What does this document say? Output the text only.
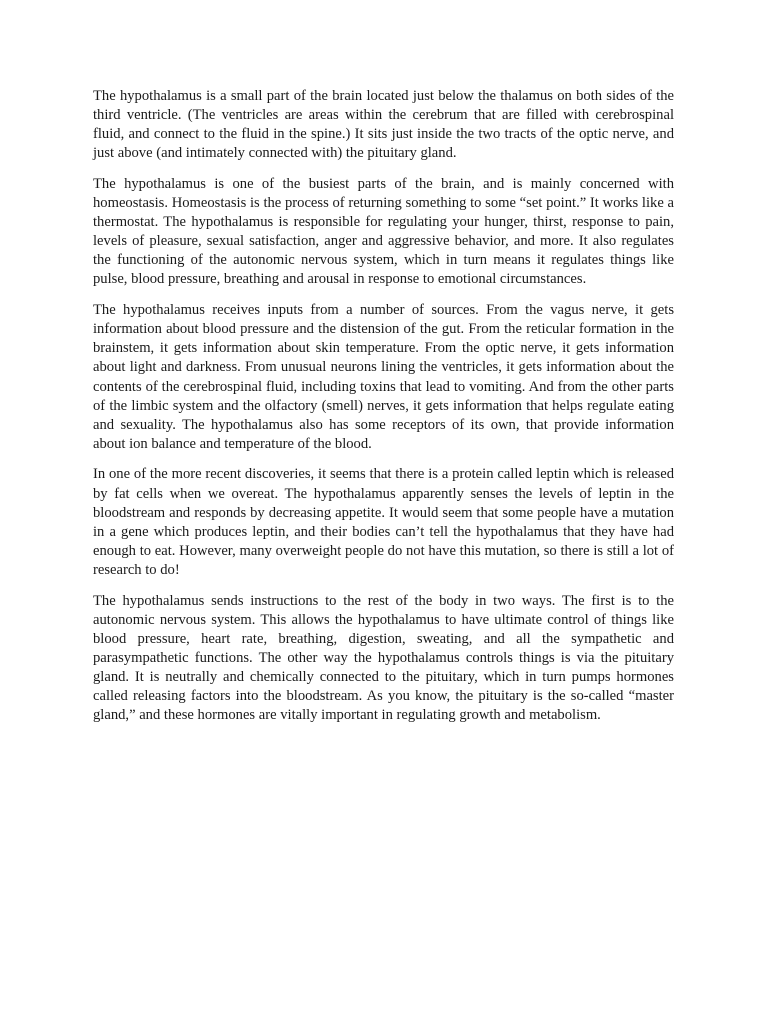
The hypothalamus is a small part of the brain located just below the thalamus on both sides of the third ventricle. (The ventricles are areas within the cerebrum that are filled with cerebrospinal fluid, and connect to the fluid in the spine.) It sits just inside the two tracts of the optic nerve, and just above (and intimately connected with) the pituitary gland.

The hypothalamus is one of the busiest parts of the brain, and is mainly concerned with homeostasis. Homeostasis is the process of returning something to some “set point.” It works like a thermostat. The hypothalamus is responsible for regulating your hunger, thirst, response to pain, levels of pleasure, sexual satisfaction, anger and aggressive behavior, and more. It also regulates the functioning of the autonomic nervous system, which in turn means it regulates things like pulse, blood pressure, breathing and arousal in response to emotional circumstances.

The hypothalamus receives inputs from a number of sources. From the vagus nerve, it gets information about blood pressure and the distension of the gut. From the reticular formation in the brainstem, it gets information about skin temperature. From the optic nerve, it gets information about light and darkness. From unusual neurons lining the ventricles, it gets information about the contents of the cerebrospinal fluid, including toxins that lead to vomiting. And from the other parts of the limbic system and the olfactory (smell) nerves, it gets information that helps regulate eating and sexuality. The hypothalamus also has some receptors of its own, that provide information about ion balance and temperature of the blood.

In one of the more recent discoveries, it seems that there is a protein called leptin which is released by fat cells when we overeat. The hypothalamus apparently senses the levels of leptin in the bloodstream and responds by decreasing appetite. It would seem that some people have a mutation in a gene which produces leptin, and their bodies can’t tell the hypothalamus that they have had enough to eat. However, many overweight people do not have this mutation, so there is still a lot of research to do!

The hypothalamus sends instructions to the rest of the body in two ways. The first is to the autonomic nervous system. This allows the hypothalamus to have ultimate control of things like blood pressure, heart rate, breathing, digestion, sweating, and all the sympathetic and parasympathetic functions. The other way the hypothalamus controls things is via the pituitary gland. It is neutrally and chemically connected to the pituitary, which in turn pumps hormones called releasing factors into the bloodstream. As you know, the pituitary is the so-called “master gland,” and these hormones are vitally important in regulating growth and metabolism.
